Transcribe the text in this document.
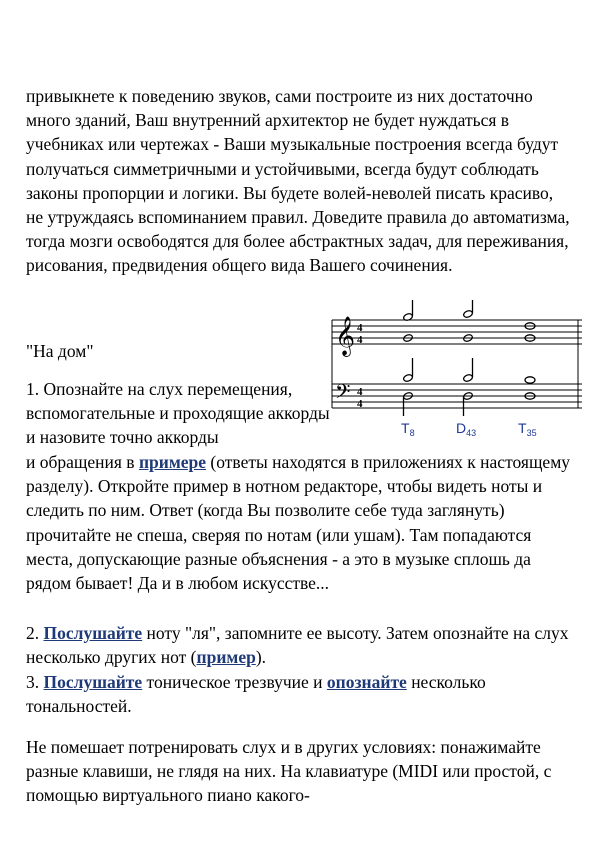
привыкнете к поведению звуков, сами построите из них достаточно много зданий, Ваш внутренний архитектор не будет нуждаться в учебниках или чертежах - Ваши музыкальные построения всегда будут получаться симметричными и устойчивыми, всегда будут соблюдать законы пропорции и логики. Вы будете волей-неволей писать красиво, не утруждаясь вспоминанием правил. Доведите правила до автоматизма, тогда мозги освободятся для более абстрактных задач, для переживания, рисования, предвидения общего вида Вашего сочинения.

"На дом"

1. Опознайте на слух перемещения, вспомогательные и проходящие аккорды и назовите точно аккорды

и обращения в примере (ответы находятся в приложениях к настоящему разделу). Откройте пример в нотном редакторе, чтобы видеть ноты и следить по ним. Ответ (когда Вы позволите себе туда заглянуть) прочитайте не спеша, сверяя по нотам (или ушам). Там попадаются места, допускающие разные объяснения - а это в музыке сплошь да рядом бывает! Да и в любом искусстве...

2. Послушайте ноту "ля", запомните ее высоту. Затем опознайте на слух несколько других нот (пример).

3. Послушайте тоническое трезвучие и опознайте несколько тональностей.

Не помешает потренировать слух и в других условиях: понажимайте разные клавиши, не глядя на них. На клавиатуре (MIDI или простой, с помощью виртуального пиано какого-

𝄞
𝄢
4
4
4
4
$T_8$	$D_{43}$	$T_{35}$
